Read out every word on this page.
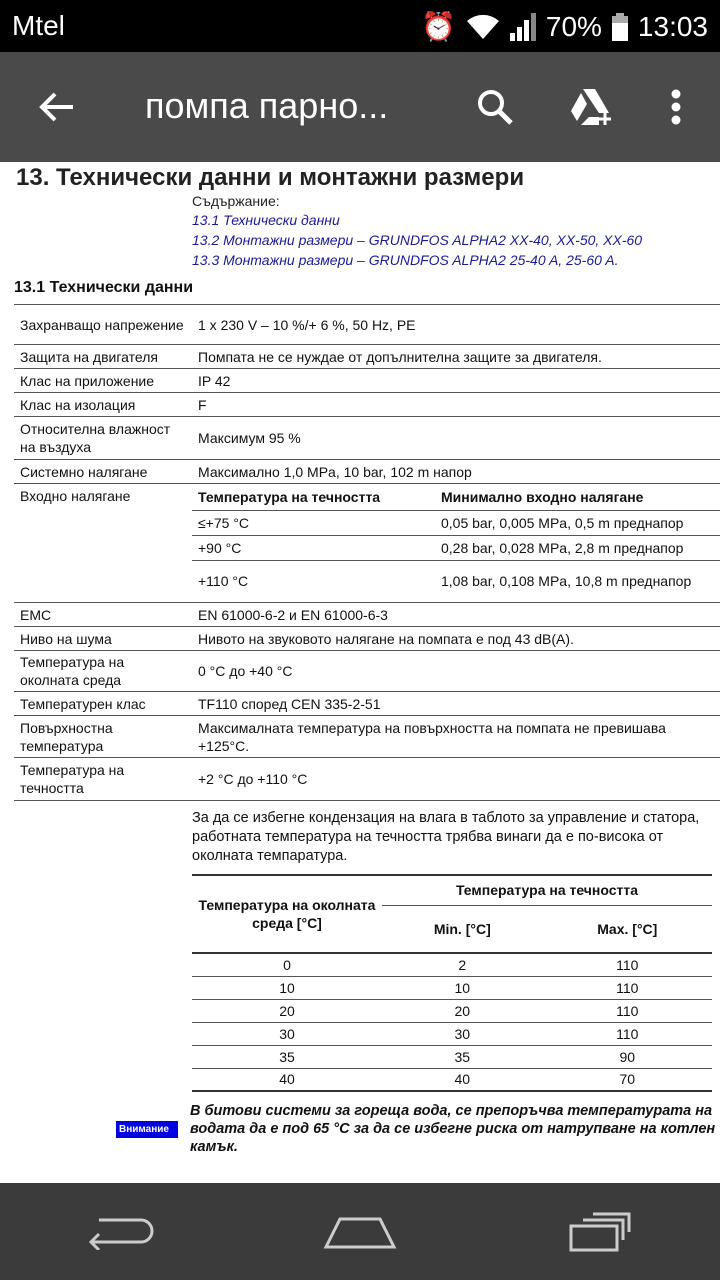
Mtel	⏰	70% 13:03
помпа парно...
13. Технически данни и монтажни размери
Съдържание:
13.1 Технически данни
13.2 Монтажни размери – GRUNDFOS ALPHA2 XX-40, XX-50, XX-60
13.3 Монтажни размери – GRUNDFOS ALPHA2 25-40 A, 25-60 A.
13.1 Технически данни
Захранващо напрежение	1 x 230 V – 10 %/+ 6 %, 50 Hz, PE
Защита на двигателя	Помпата не се нуждае от допълнителна защите за двигателя.
Клас на приложение	IP 42
Клас на изолация	F
Относителна влажност на въздуха	Максимум 95 %
Системно налягане	Максимално 1,0 MPa, 10 bar, 102 m напор
Входно налягане		Температура на течността	Минимално входно налягане
≤+75 °C	0,05 bar, 0,005 MPa, 0,5 m преднапор
+90 °C	0,28 bar, 0,028 MPa, 2,8 m преднапор
+110 °C	1,08 bar, 0,108 MPa, 10,8 m преднапор

EMC	EN 61000-6-2 и EN 61000-6-3
Ниво на шума	Нивото на звуковото налягане на помпата е под 43 dB(A).
Температура на околната среда	0 °C до +40 °C
Температурен клас	TF110 според CEN 335-2-51
Повърхностна температура	Максималната температура на повърхността на помпата не превишава +125°C.
Температура на течността	+2 °C до +110 °C

За да се избегне кондензация на влага в таблото за управление и статора, работната температура на течността трябва винаги да е по-висока от околната темпаратура.

Температура на околната среда [°C]	Температура на течността	
	Min. [°C]	Max. [°C]
0	2	110
10	10	110
20	20	110
30	30	110
35	35	90
40	40	70
Внимание
В битови системи за гореща вода, се препоръчва температурата на водата да е под 65 °C за да се избегне риска от натрупване на котлен камък.
